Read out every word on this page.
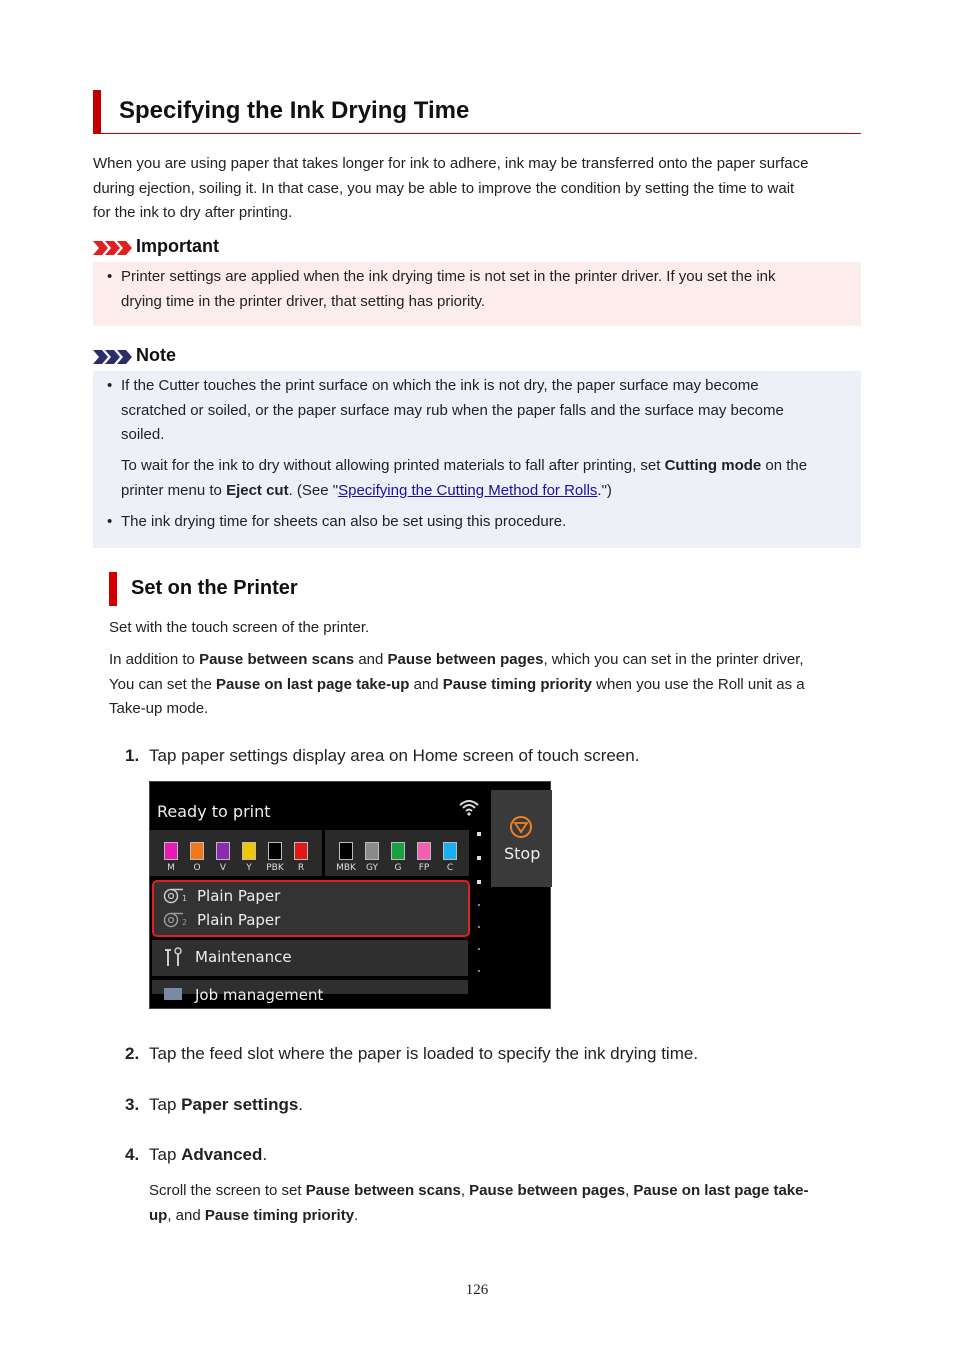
Specifying the Ink Drying Time
When you are using paper that takes longer for ink to adhere, ink may be transferred onto the paper surface
during ejection, soiling it. In that case, you may be able to improve the condition by setting the time to wait
for the ink to dry after printing.
Important
• Printer settings are applied when the ink drying time is not set in the printer driver. If you set the ink
drying time in the printer driver, that setting has priority.
Note
• If the Cutter touches the print surface on which the ink is not dry, the paper surface may become
scratched or soiled, or the paper surface may rub when the paper falls and the surface may become
soiled.
To wait for the ink to dry without allowing printed materials to fall after printing, set Cutting mode on the
printer menu to Eject cut. (See "Specifying the Cutting Method for Rolls.")
• The ink drying time for sheets can also be set using this procedure.
Set on the Printer
Set with the touch screen of the printer.
In addition to Pause between scans and Pause between pages, which you can set in the printer driver,
You can set the Pause on last page take-up and Pause timing priority when you use the Roll unit as a
Take-up mode.
1. Tap paper settings display area on Home screen of touch screen.
Ready to print
Stop
M	O	V	Y	PBK	R	MBK	GY	G	FP	C
1 Plain Paper
2 Plain Paper
Maintenance
Job management
2. Tap the feed slot where the paper is loaded to specify the ink drying time.
3. Tap Paper settings.
4. Tap Advanced.
Scroll the screen to set Pause between scans, Pause between pages, Pause on last page take-
up, and Pause timing priority.
126
